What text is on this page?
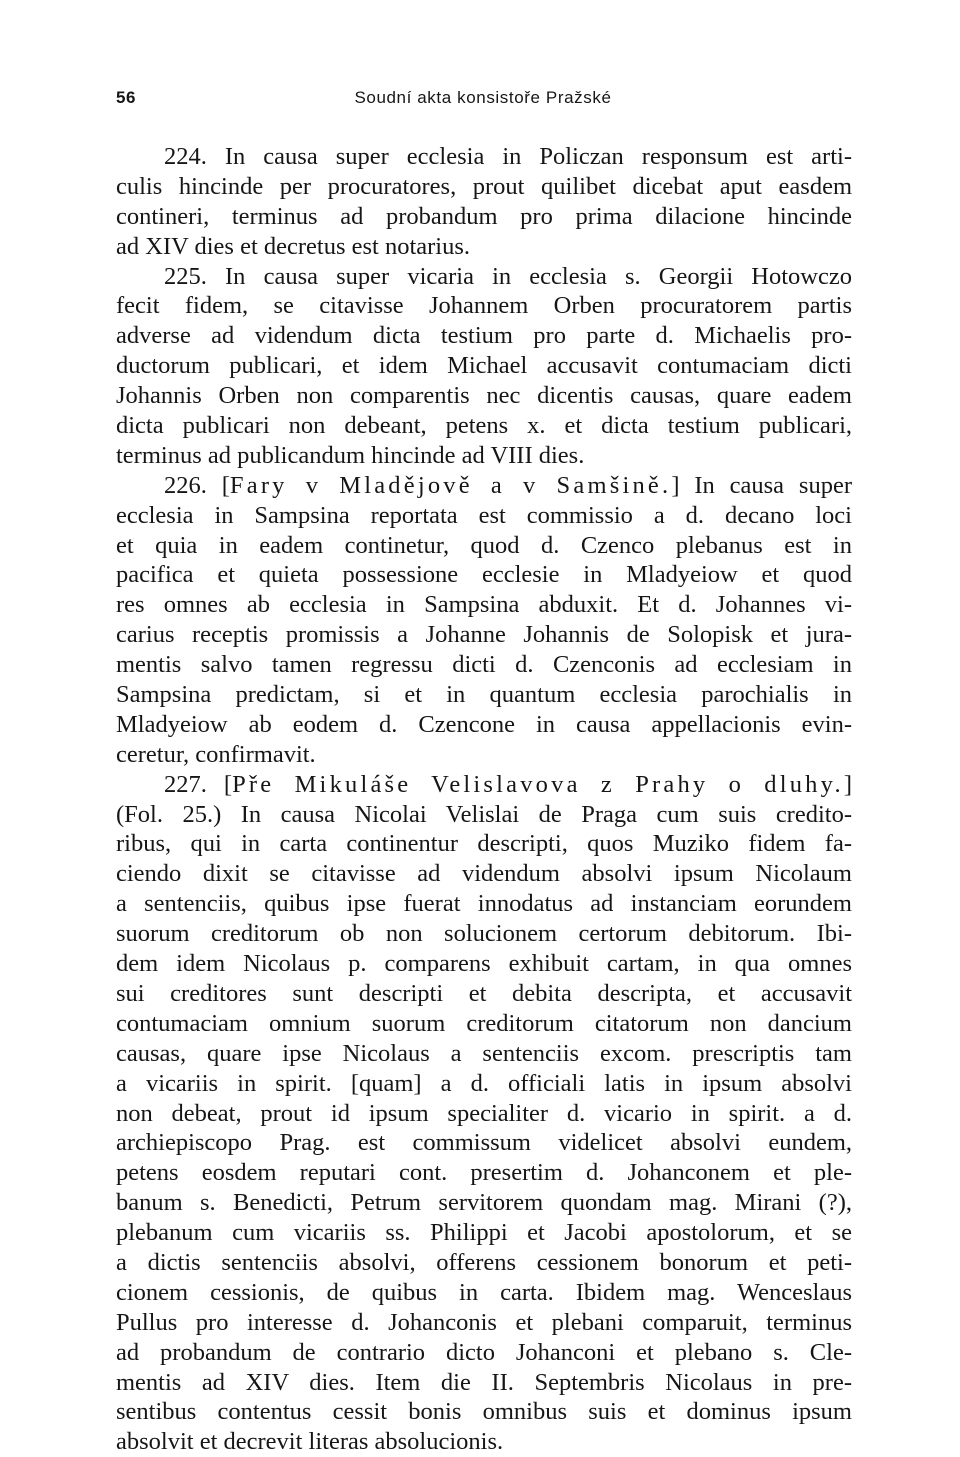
56	Soudní akta konsistoře Pražské
224. In causa super ecclesia in Policzan responsum est arti-
culis hincinde per procuratores, prout quilibet dicebat aput easdem
contineri, terminus ad probandum pro prima dilacione hincinde
ad XIV dies et decretus est notarius.
225. In causa super vicaria in ecclesia s. Georgii Hotowczo
fecit fidem, se citavisse Johannem Orben procuratorem partis
adverse ad videndum dicta testium pro parte d. Michaelis pro-
ductorum publicari, et idem Michael accusavit contumaciam dicti
Johannis Orben non comparentis nec dicentis causas, quare eadem
dicta publicari non debeant, petens x. et dicta testium publicari,
terminus ad publicandum hincinde ad VIII dies.
226. [Fary v Mladějově a v Samšině.] In causa super
ecclesia in Sampsina reportata est commissio a d. decano loci
et quia in eadem continetur, quod d. Czenco plebanus est in
pacifica et quieta possessione ecclesie in Mladyeiow et quod
res omnes ab ecclesia in Sampsina abduxit. Et d. Johannes vi-
carius receptis promissis a Johanne Johannis de Solopisk et jura-
mentis salvo tamen regressu dicti d. Czenconis ad ecclesiam in
Sampsina predictam, si et in quantum ecclesia parochialis in
Mladyeiow ab eodem d. Czencone in causa appellacionis evin-
ceretur, confirmavit.
227. [Pře Mikuláše Velislavova z Prahy o dluhy.]
(Fol. 25.) In causa Nicolai Velislai de Praga cum suis credito-
ribus, qui in carta continentur descripti, quos Muziko fidem fa-
ciendo dixit se citavisse ad videndum absolvi ipsum Nicolaum
a sentenciis, quibus ipse fuerat innodatus ad instanciam eorundem
suorum creditorum ob non solucionem certorum debitorum. Ibi-
dem idem Nicolaus p. comparens exhibuit cartam, in qua omnes
sui creditores sunt descripti et debita descripta, et accusavit
contumaciam omnium suorum creditorum citatorum non dancium
causas, quare ipse Nicolaus a sentenciis excom. prescriptis tam
a vicariis in spirit. [quam] a d. officiali latis in ipsum absolvi
non debeat, prout id ipsum specialiter d. vicario in spirit. a d.
archiepiscopo Prag. est commissum videlicet absolvi eundem,
petens eosdem reputari cont. presertim d. Johanconem et ple-
banum s. Benedicti, Petrum servitorem quondam mag. Mirani (?),
plebanum cum vicariis ss. Philippi et Jacobi apostolorum, et se
a dictis sentenciis absolvi, offerens cessionem bonorum et peti-
cionem cessionis, de quibus in carta. Ibidem mag. Wenceslaus
Pullus pro interesse d. Johanconis et plebani comparuit, terminus
ad probandum de contrario dicto Johanconi et plebano s. Cle-
mentis ad XIV dies. Item die II. Septembris Nicolaus in pre-
sentibus contentus cessit bonis omnibus suis et dominus ipsum
absolvit et decrevit literas absolucionis.
